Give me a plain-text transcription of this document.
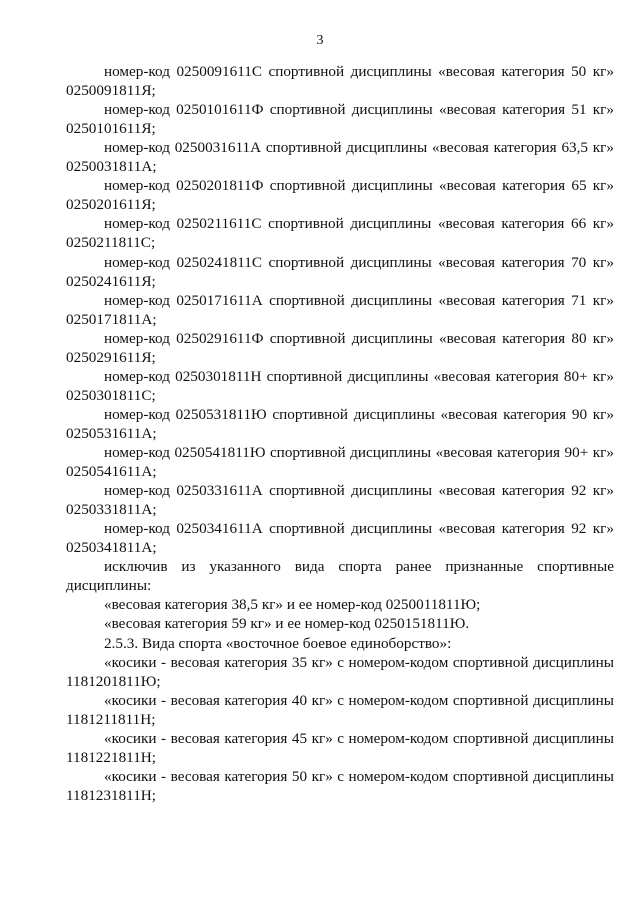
3
номер-код 0250091611С спортивной дисциплины «весовая категория 50 кг»
0250091811Я;
номер-код 0250101611Ф спортивной дисциплины «весовая категория 51 кг»
0250101611Я;
номер-код 0250031611А спортивной дисциплины «весовая категория 63,5 кг»
0250031811А;
номер-код 0250201811Ф спортивной дисциплины «весовая категория 65 кг»
0250201611Я;
номер-код 0250211611С спортивной дисциплины «весовая категория 66 кг»
0250211811С;
номер-код 0250241811С спортивной дисциплины «весовая категория 70 кг»
0250241611Я;
номер-код 0250171611А спортивной дисциплины «весовая категория 71 кг»
0250171811А;
номер-код 0250291611Ф спортивной дисциплины «весовая категория 80 кг»
0250291611Я;
номер-код 0250301811Н спортивной дисциплины «весовая категория 80+ кг»
0250301811С;
номер-код 0250531811Ю спортивной дисциплины «весовая категория 90 кг»
0250531611А;
номер-код 0250541811Ю спортивной дисциплины «весовая категория 90+ кг»
0250541611А;
номер-код 0250331611А спортивной дисциплины «весовая категория 92 кг»
0250331811А;
номер-код 0250341611А спортивной дисциплины «весовая категория 92 кг»
0250341811А;
исключив из указанного вида спорта ранее признанные спортивные
дисциплины:
«весовая категория 38,5 кг» и ее номер-код 0250011811Ю;
«весовая категория 59 кг» и ее номер-код 0250151811Ю.
2.5.3. Вида спорта «восточное боевое единоборство»:
«косики - весовая категория 35 кг» с номером-кодом спортивной дисциплины
1181201811Ю;
«косики - весовая категория 40 кг» с номером-кодом спортивной дисциплины
1181211811Н;
«косики - весовая категория 45 кг» с номером-кодом спортивной дисциплины
1181221811Н;
«косики - весовая категория 50 кг» с номером-кодом спортивной дисциплины
1181231811Н;
